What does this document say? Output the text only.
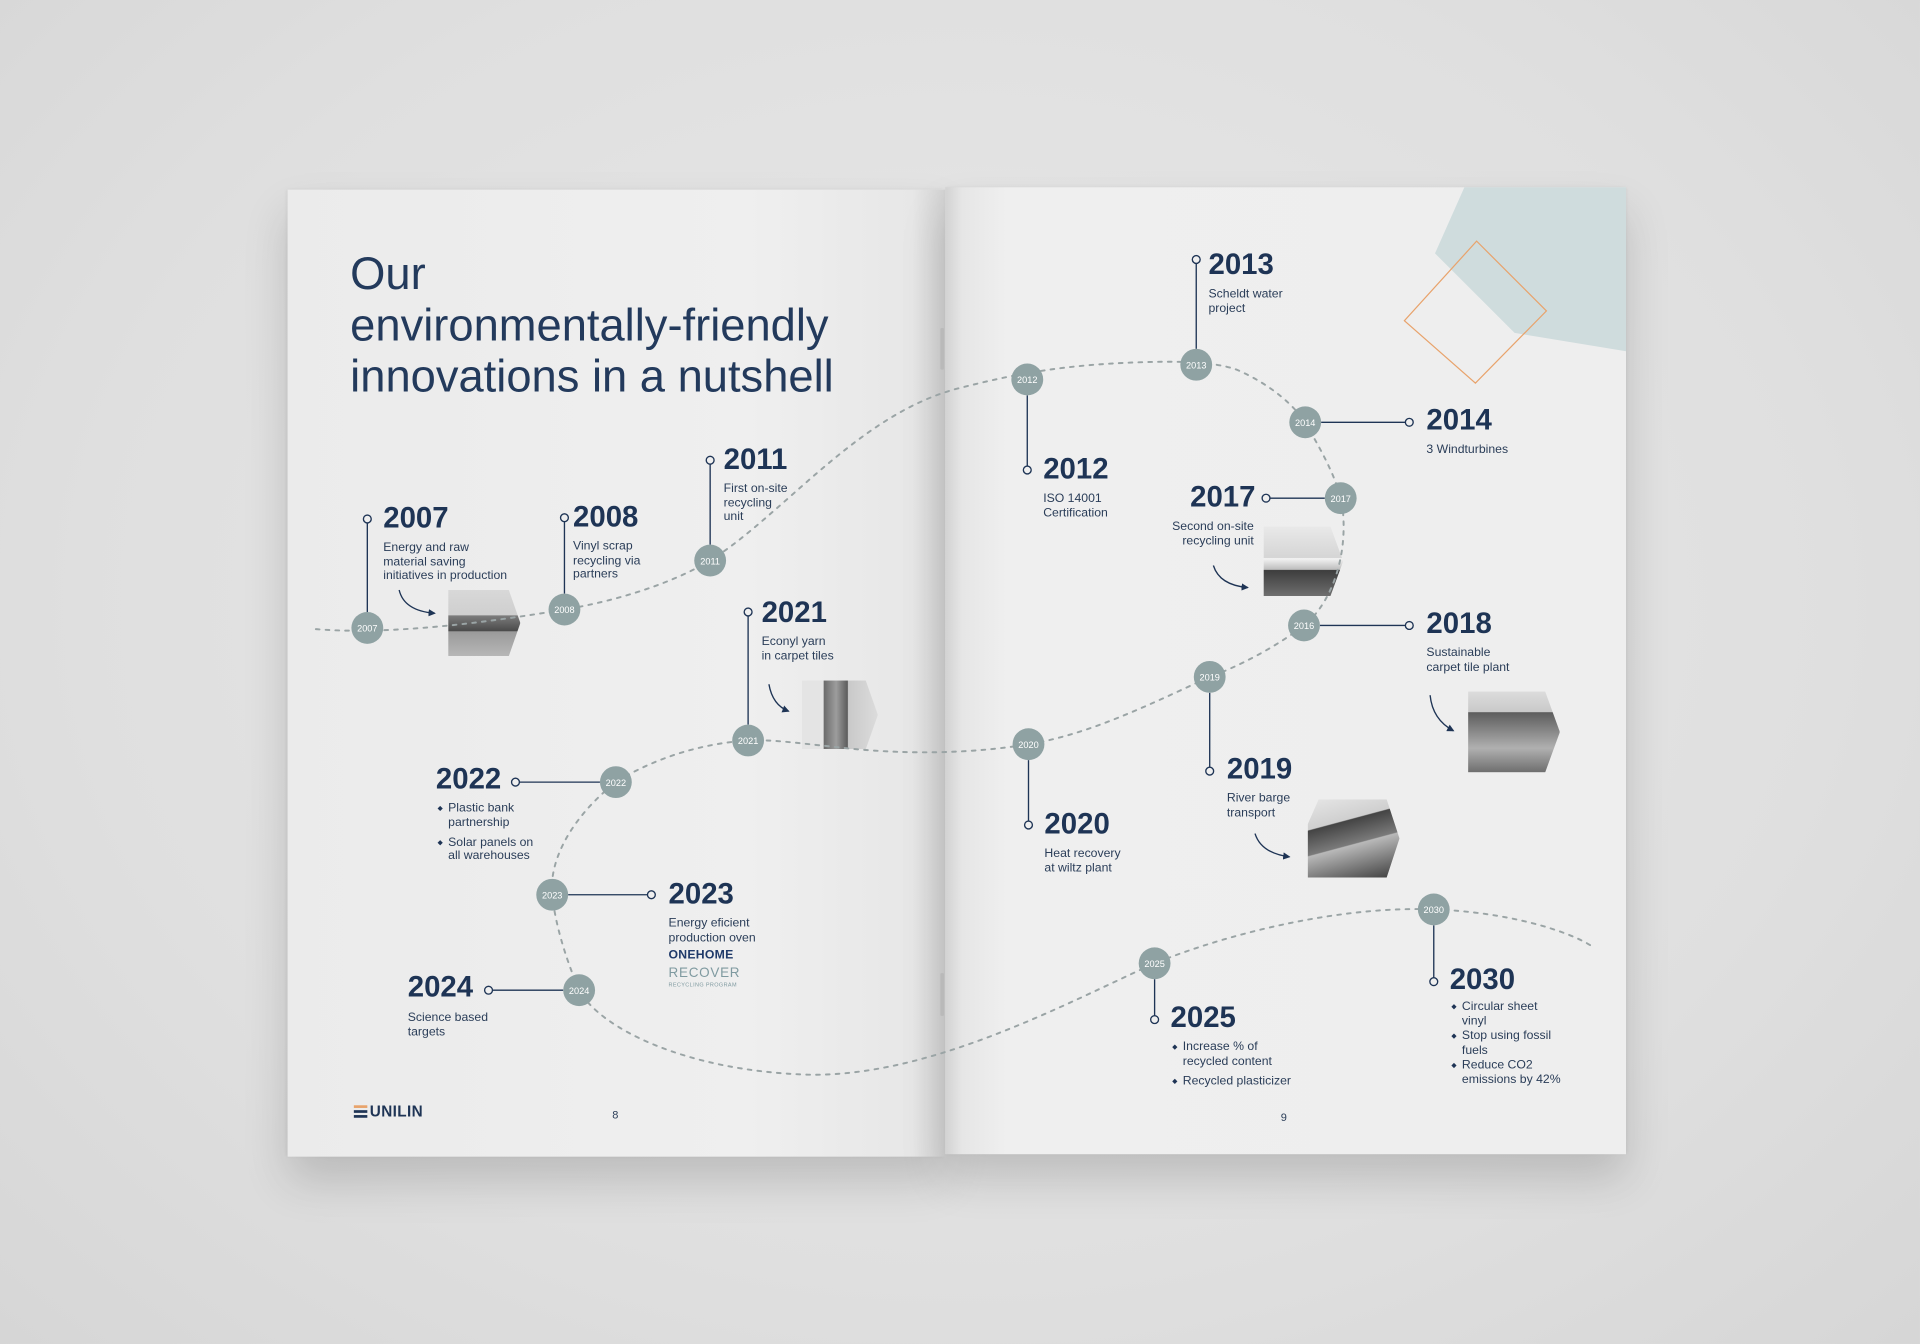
2007
2008
2011
2021
2022
2023
2024
2012
2013
2014
2017
2016
2019
2020
2025
2030
Our
environmentally-friendly
innovations in a nutshell
2007
Energy and raw
material saving
initiatives in production
2008
Vinyl scrap
recycling via
partners
2011
First on-site
recycling
unit
2021
Econyl yarn
in carpet tiles
2022
Plastic bank
partnership
Solar panels on
all warehouses
2023
Energy eficient
production oven
ONEHOME
RECOVER
RECYCLING PROGRAM
2024
Science based
targets
2012
ISO 14001
Certification
2013
Scheldt water
project
2014
3 Windturbines
2017
Second on-site
recycling unit
2018
Sustainable
carpet tile plant
2019
River barge
transport
2020
Heat recovery
at wiltz plant
2025
Increase % of
recycled content
Recycled plasticizer
2030
Circular sheet
vinyl
Stop using fossil
fuels
Reduce CO2
emissions by 42%
UNILIN	8	9
